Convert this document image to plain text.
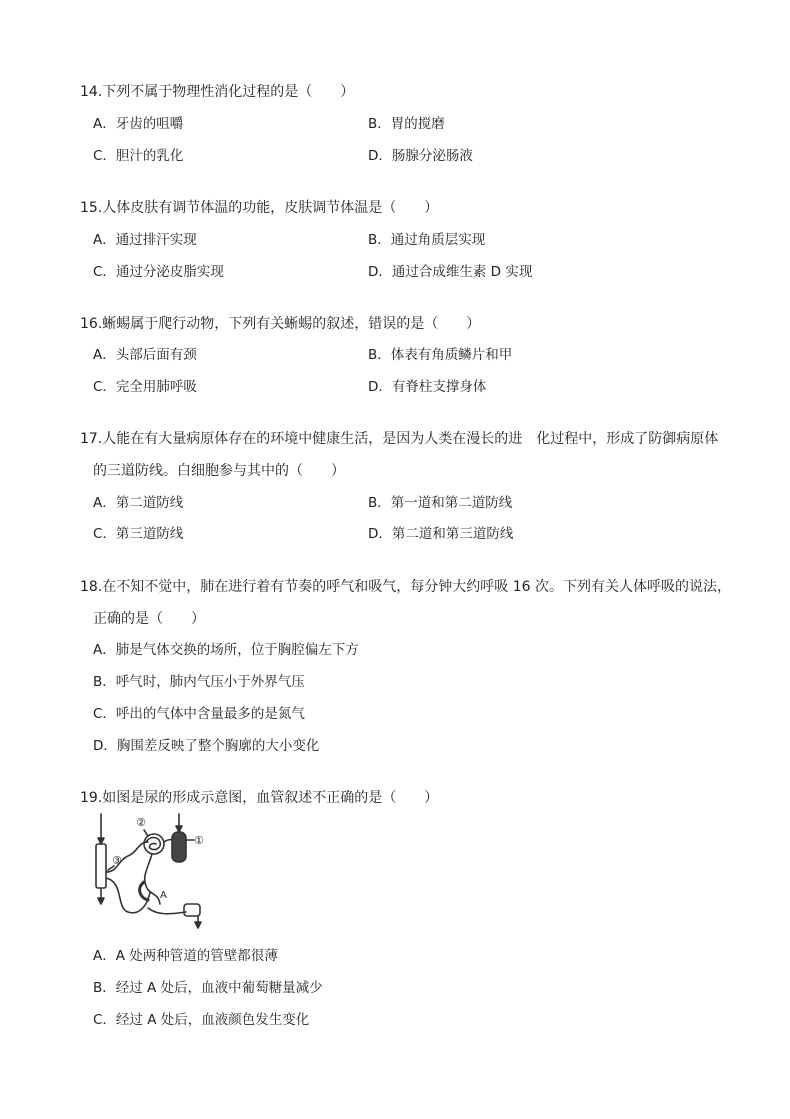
14.下列不属于物理性消化过程的是（　　）
A．牙齿的咀嚼	B．胃的搅磨
C．胆汁的乳化	D．肠腺分泌肠液
15.人体皮肤有调节体温的功能，皮肤调节体温是（　　）
A．通过排汗实现	B．通过角质层实现
C．通过分泌皮脂实现	D．通过合成维生素 D 实现
16.蜥蜴属于爬行动物，下列有关蜥蜴的叙述，错误的是（　　）
A．头部后面有颈	B．体表有角质鳞片和甲
C．完全用肺呼吸	D．有脊柱支撑身体
17.人能在有大量病原体存在的环境中健康生活，是因为人类在漫长的进　化过程中，形成了防御病原体
的三道防线。白细胞参与其中的（　　）
A．第二道防线	B．第一道和第二道防线
C．第三道防线	D．第二道和第三道防线
18.在不知不觉中，肺在进行着有节奏的呼气和吸气，每分钟大约呼吸 16 次。下列有关人体呼吸的说法，
正确的是（　　）
A．肺是气体交换的场所，位于胸腔偏左下方
B．呼气时，肺内气压小于外界气压
C．呼出的气体中含量最多的是氮气
D．胸围差反映了整个胸廓的大小变化
19.如图是尿的形成示意图，血管叙述不正确的是（　　）
①
②
③
A
A．A 处两种管道的管壁都很薄
B．经过 A 处后，血液中葡萄糖量减少
C．经过 A 处后，血液颜色发生变化
